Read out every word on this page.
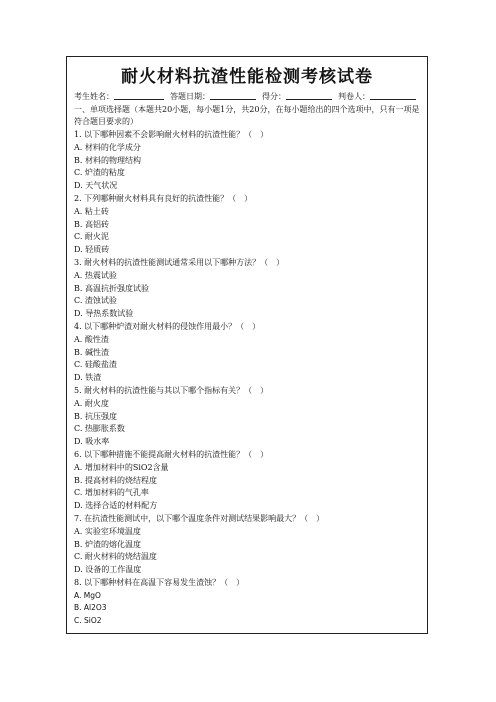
耐火材料抗渣性能检测考核试卷
考生姓名：	答题日期：	得分：	判卷人：
一、单项选择题（本题共20小题，每小题1分，共20分，在每小题给出的四个选项中，只有一项是符合题目要求的）
1. 以下哪种因素不会影响耐火材料的抗渣性能？（　）
A. 材料的化学成分
B. 材料的物理结构
C. 炉渣的粘度
D. 天气状况
2. 下列哪种耐火材料具有良好的抗渣性能？（　）
A. 粘土砖
B. 高铝砖
C. 耐火泥
D. 轻质砖
3. 耐火材料的抗渣性能测试通常采用以下哪种方法？（　）
A. 热震试验
B. 高温抗折强度试验
C. 渣蚀试验
D. 导热系数试验
4. 以下哪种炉渣对耐火材料的侵蚀作用最小？（　）
A. 酸性渣
B. 碱性渣
C. 硅酸盐渣
D. 铁渣
5. 耐火材料的抗渣性能与其以下哪个指标有关？（　）
A. 耐火度
B. 抗压强度
C. 热膨胀系数
D. 吸水率
6. 以下哪种措施不能提高耐火材料的抗渣性能？（　）
A. 增加材料中的SiO2含量
B. 提高材料的烧结程度
C. 增加材料的气孔率
D. 选择合适的材料配方
7. 在抗渣性能测试中，以下哪个温度条件对测试结果影响最大？（　）
A. 实验室环境温度
B. 炉渣的熔化温度
C. 耐火材料的烧结温度
D. 设备的工作温度
8. 以下哪种材料在高温下容易发生渣蚀？（　）
A. MgO
B. Al2O3
C. SiO2
